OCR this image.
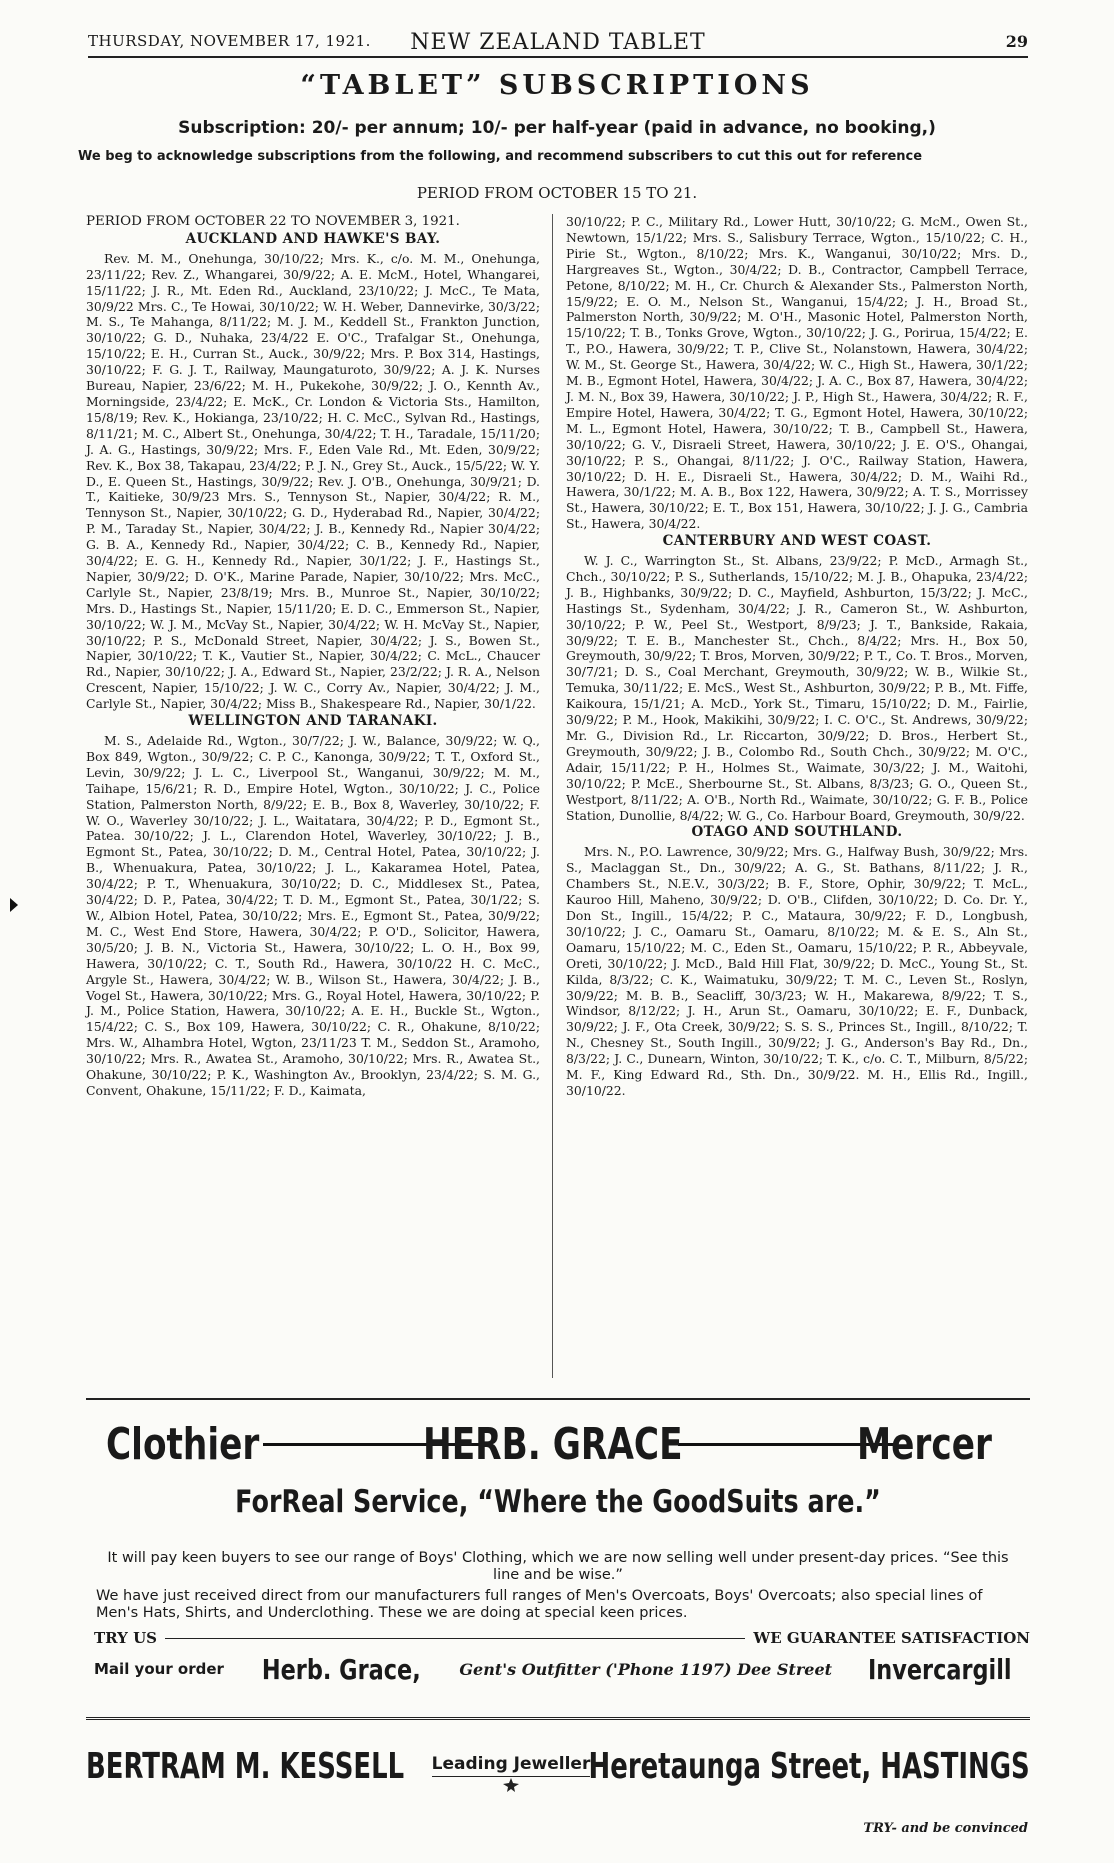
THURSDAY, NOVEMBER 17, 1921.	NEW ZEALAND TABLET	29
“TABLET” SUBSCRIPTIONS
Subscription: 20/- per annum; 10/- per half-year (paid in advance, no booking,)
We beg to acknowledge subscriptions from the following, and recommend subscribers to cut this out for reference
PERIOD FROM OCTOBER 15 TO 21.

PERIOD FROM OCTOBER 22 TO NOVEMBER 3, 1921.

AUCKLAND AND HAWKE'S BAY.

Rev. M. M., Onehunga, 30/10/22; Mrs. K., c/o. M. M., Onehunga, 23/11/22; Rev. Z., Whangarei, 30/9/22; A. E. McM., Hotel, Whangarei, 15/11/22; J. R., Mt. Eden Rd., Auckland, 23/10/22; J. McC., Te Mata, 30/9/22 Mrs. C., Te Howai, 30/10/22; W. H. Weber, Dannevirke, 30/3/22; M. S., Te Mahanga, 8/11/22; M. J. M., Keddell St., Frankton Junction, 30/10/22; G. D., Nuhaka, 23/4/22 E. O'C., Trafalgar St., Onehunga, 15/10/22; E. H., Curran St., Auck., 30/9/22; Mrs. P. Box 314, Hastings, 30/10/22; F. G. J. T., Railway, Maungaturoto, 30/9/22; A. J. K. Nurses Bureau, Napier, 23/6/22; M. H., Pukekohe, 30/9/22; J. O., Kennth Av., Morningside, 23/4/22; E. McK., Cr. London & Victoria Sts., Hamilton, 15/8/19; Rev. K., Hokianga, 23/10/22; H. C. McC., Sylvan Rd., Hastings, 8/11/21; M. C., Albert St., Onehunga, 30/4/22; T. H., Taradale, 15/11/20; J. A. G., Hastings, 30/9/22; Mrs. F., Eden Vale Rd., Mt. Eden, 30/9/22; Rev. K., Box 38, Takapau, 23/4/22; P. J. N., Grey St., Auck., 15/5/22; W. Y. D., E. Queen St., Hastings, 30/9/22; Rev. J. O'B., Onehunga, 30/9/21; D. T., Kaitieke, 30/9/23 Mrs. S., Tennyson St., Napier, 30/4/22; R. M., Tennyson St., Napier, 30/10/22; G. D., Hyderabad Rd., Napier, 30/4/22; P. M., Taraday St., Napier, 30/4/22; J. B., Kennedy Rd., Napier 30/4/22; G. B. A., Kennedy Rd., Napier, 30/4/22; C. B., Kennedy Rd., Napier, 30/4/22; E. G. H., Kennedy Rd., Napier, 30/1/22; J. F., Hastings St., Napier, 30/9/22; D. O'K., Marine Parade, Napier, 30/10/22; Mrs. McC., Carlyle St., Napier, 23/8/19; Mrs. B., Munroe St., Napier, 30/10/22; Mrs. D., Hastings St., Napier, 15/11/20; E. D. C., Emmerson St., Napier, 30/10/22; W. J. M., McVay St., Napier, 30/4/22; W. H. McVay St., Napier, 30/10/22; P. S., McDonald Street, Napier, 30/4/22; J. S., Bowen St., Napier, 30/10/22; T. K., Vautier St., Napier, 30/4/22; C. McL., Chaucer Rd., Napier, 30/10/22; J. A., Edward St., Napier, 23/2/22; J. R. A., Nelson Crescent, Napier, 15/10/22; J. W. C., Corry Av., Napier, 30/4/22; J. M., Carlyle St., Napier, 30/4/22; Miss B., Shakespeare Rd., Napier, 30/1/22.

WELLINGTON AND TARANAKI.

M. S., Adelaide Rd., Wgton., 30/7/22; J. W., Balance, 30/9/22; W. Q., Box 849, Wgton., 30/9/22; C. P. C., Kanonga, 30/9/22; T. T., Oxford St., Levin, 30/9/22; J. L. C., Liverpool St., Wanganui, 30/9/22; M. M., Taihape, 15/6/21; R. D., Empire Hotel, Wgton., 30/10/22; J. C., Police Station, Palmerston North, 8/9/22; E. B., Box 8, Waverley, 30/10/22; F. W. O., Waverley 30/10/22; J. L., Waitatara, 30/4/22; P. D., Egmont St., Patea. 30/10/22; J. L., Clarendon Hotel, Waverley, 30/10/22; J. B., Egmont St., Patea, 30/10/22; D. M., Central Hotel, Patea, 30/10/22; J. B., Whenuakura, Patea, 30/10/22; J. L., Kakaramea Hotel, Patea, 30/4/22; P. T., Whenuakura, 30/10/22; D. C., Middlesex St., Patea, 30/4/22; D. P., Patea, 30/4/22; T. D. M., Egmont St., Patea, 30/1/22; S. W., Albion Hotel, Patea, 30/10/22; Mrs. E., Egmont St., Patea, 30/9/22; M. C., West End Store, Hawera, 30/4/22; P. O'D., Solicitor, Hawera, 30/5/20; J. B. N., Victoria St., Hawera, 30/10/22; L. O. H., Box 99, Hawera, 30/10/22; C. T., South Rd., Hawera, 30/10/22 H. C. McC., Argyle St., Hawera, 30/4/22; W. B., Wilson St., Hawera, 30/4/22; J. B., Vogel St., Hawera, 30/10/22; Mrs. G., Royal Hotel, Hawera, 30/10/22; P. J. M., Police Station, Hawera, 30/10/22; A. E. H., Buckle St., Wgton., 15/4/22; C. S., Box 109, Hawera, 30/10/22; C. R., Ohakune, 8/10/22; Mrs. W., Alhambra Hotel, Wgton, 23/11/23 T. M., Seddon St., Aramoho, 30/10/22; Mrs. R., Awatea St., Aramoho, 30/10/22; Mrs. R., Awatea St., Ohakune, 30/10/22; P. K., Washington Av., Brooklyn, 23/4/22; S. M. G., Convent, Ohakune, 15/11/22; F. D., Kaimata,

30/10/22; P. C., Military Rd., Lower Hutt, 30/10/22; G. McM., Owen St., Newtown, 15/1/22; Mrs. S., Salisbury Terrace, Wgton., 15/10/22; C. H., Pirie St., Wgton., 8/10/22; Mrs. K., Wanganui, 30/10/22; Mrs. D., Hargreaves St., Wgton., 30/4/22; D. B., Contractor, Campbell Terrace, Petone, 8/10/22; M. H., Cr. Church & Alexander Sts., Palmerston North, 15/9/22; E. O. M., Nelson St., Wanganui, 15/4/22; J. H., Broad St., Palmerston North, 30/9/22; M. O'H., Masonic Hotel, Palmerston North, 15/10/22; T. B., Tonks Grove, Wgton., 30/10/22; J. G., Porirua, 15/4/22; E. T., P.O., Hawera, 30/9/22; T. P., Clive St., Nolanstown, Hawera, 30/4/22; W. M., St. George St., Hawera, 30/4/22; W. C., High St., Hawera, 30/1/22; M. B., Egmont Hotel, Hawera, 30/4/22; J. A. C., Box 87, Hawera, 30/4/22; J. M. N., Box 39, Hawera, 30/10/22; J. P., High St., Hawera, 30/4/22; R. F., Empire Hotel, Hawera, 30/4/22; T. G., Egmont Hotel, Hawera, 30/10/22; M. L., Egmont Hotel, Hawera, 30/10/22; T. B., Campbell St., Hawera, 30/10/22; G. V., Disraeli Street, Hawera, 30/10/22; J. E. O'S., Ohangai, 30/10/22; P. S., Ohangai, 8/11/22; J. O'C., Railway Station, Hawera, 30/10/22; D. H. E., Disraeli St., Hawera, 30/4/22; D. M., Waihi Rd., Hawera, 30/1/22; M. A. B., Box 122, Hawera, 30/9/22; A. T. S., Morrissey St., Hawera, 30/10/22; E. T., Box 151, Hawera, 30/10/22; J. J. G., Cambria St., Hawera, 30/4/22.

CANTERBURY AND WEST COAST.

W. J. C., Warrington St., St. Albans, 23/9/22; P. McD., Armagh St., Chch., 30/10/22; P. S., Sutherlands, 15/10/22; M. J. B., Ohapuka, 23/4/22; J. B., Highbanks, 30/9/22; D. C., Mayfield, Ashburton, 15/3/22; J. McC., Hastings St., Sydenham, 30/4/22; J. R., Cameron St., W. Ashburton, 30/10/22; P. W., Peel St., Westport, 8/9/23; J. T., Bankside, Rakaia, 30/9/22; T. E. B., Manchester St., Chch., 8/4/22; Mrs. H., Box 50, Greymouth, 30/9/22; T. Bros, Morven, 30/9/22; P. T., Co. T. Bros., Morven, 30/7/21; D. S., Coal Merchant, Greymouth, 30/9/22; W. B., Wilkie St., Temuka, 30/11/22; E. McS., West St., Ashburton, 30/9/22; P. B., Mt. Fiffe, Kaikoura, 15/1/21; A. McD., York St., Timaru, 15/10/22; D. M., Fairlie, 30/9/22; P. M., Hook, Makikihi, 30/9/22; I. C. O'C., St. Andrews, 30/9/22; Mr. G., Division Rd., Lr. Riccarton, 30/9/22; D. Bros., Herbert St., Greymouth, 30/9/22; J. B., Colombo Rd., South Chch., 30/9/22; M. O'C., Adair, 15/11/22; P. H., Holmes St., Waimate, 30/3/22; J. M., Waitohi, 30/10/22; P. McE., Sherbourne St., St. Albans, 8/3/23; G. O., Queen St., Westport, 8/11/22; A. O'B., North Rd., Waimate, 30/10/22; G. F. B., Police Station, Dunollie, 8/4/22; W. G., Co. Harbour Board, Greymouth, 30/9/22.

OTAGO AND SOUTHLAND.

Mrs. N., P.O. Lawrence, 30/9/22; Mrs. G., Halfway Bush, 30/9/22; Mrs. S., Maclaggan St., Dn., 30/9/22; A. G., St. Bathans, 8/11/22; J. R., Chambers St., N.E.V., 30/3/22; B. F., Store, Ophir, 30/9/22; T. McL., Kauroo Hill, Maheno, 30/9/22; D. O'B., Clifden, 30/10/22; D. Co. Dr. Y., Don St., Ingill., 15/4/22; P. C., Mataura, 30/9/22; F. D., Longbush, 30/10/22; J. C., Oamaru St., Oamaru, 8/10/22; M. & E. S., Aln St., Oamaru, 15/10/22; M. C., Eden St., Oamaru, 15/10/22; P. R., Abbeyvale, Oreti, 30/10/22; J. McD., Bald Hill Flat, 30/9/22; D. McC., Young St., St. Kilda, 8/3/22; C. K., Waimatuku, 30/9/22; T. M. C., Leven St., Roslyn, 30/9/22; M. B. B., Seacliff, 30/3/23; W. H., Makarewa, 8/9/22; T. S., Windsor, 8/12/22; J. H., Arun St., Oamaru, 30/10/22; E. F., Dunback, 30/9/22; J. F., Ota Creek, 30/9/22; S. S. S., Princes St., Ingill., 8/10/22; T. N., Chesney St., South Ingill., 30/9/22; J. G., Anderson's Bay Rd., Dn., 8/3/22; J. C., Dunearn, Winton, 30/10/22; T. K., c/o. C. T., Milburn, 8/5/22; M. F., King Edward Rd., Sth. Dn., 30/9/22. M. H., Ellis Rd., Ingill., 30/10/22.

Clothier	HERB. GRACE	Mercer
ForReal Service, “Where the GoodSuits are.”
It will pay keen buyers to see our range of Boys' Clothing, which we are now selling well under present-day prices. “See this line and be wise.”
We have just received direct from our manufacturers full ranges of Men's Overcoats, Boys' Overcoats; also special lines of Men's Hats, Shirts, and Underclothing. These we are doing at special keen prices.
TRY US	WE GUARANTEE SATISFACTION
Mail your order Herb. Grace, Gent's Outfitter ('Phone 1197) Dee Street Invercargill
BERTRAM M. KESSELL	Leading Jeweller
Heretaunga Street, HASTINGS
TRY- and be convinced
